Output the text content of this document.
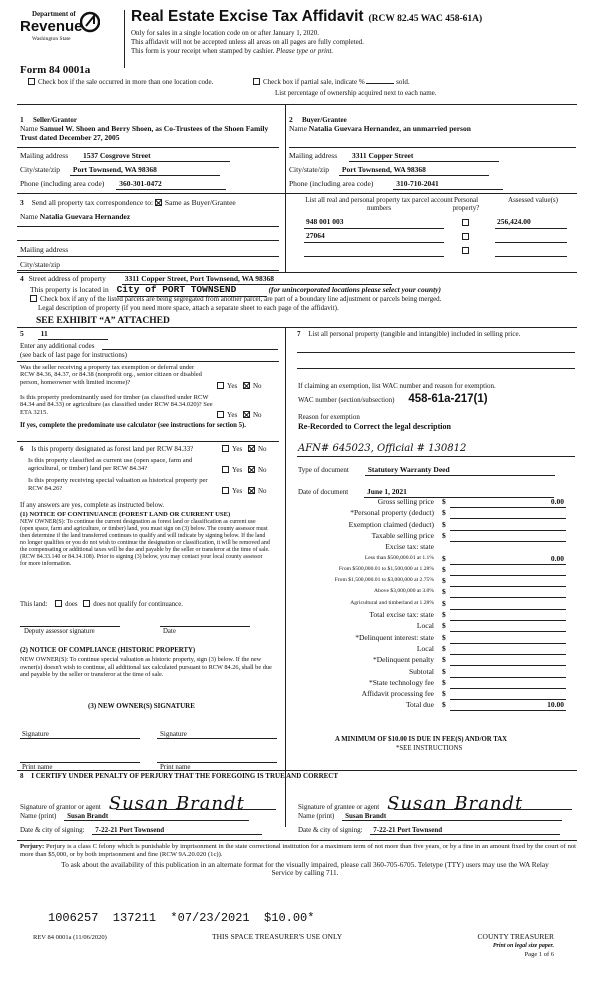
Department of
Revenue
Washington State
Form 84 0001a
Real Estate Excise Tax Affidavit (RCW 82.45 WAC 458-61A)
Only for sales in a single location code on or after January 1, 2020.
This affidavit will not be accepted unless all areas on all pages are fully completed.
This form is your receipt when stamped by cashier. Please type or print.
Check box if the sale occurred in more than one location code.	Check box if partial sale, indicate %	sold.
List percentage of ownership acquired next to each name.
1 Seller/Grantor
Name Samuel W. Shoen and Berry Shoen, as Co-Trustees of the Shoen Family Trust dated December 27, 2005
Mailing address 1537 Cosgrove Street
City/state/zip Port Townsend, WA 98368
Phone (including area code) 360-301-0472
2 Buyer/Grantee
Name Natalia Guevara Hernandez, an unmarried person
Mailing address 3311 Copper Street
City/state/zip Port Townsend, WA 98368
Phone (including area code)	310-710-2041
3 Send all property tax correspondence to: Same as Buyer/Grantee
Name Natalia Guevara Hernandez
Mailing address
City/state/zip
List all real and personal property tax parcel account numbers
Personal property?
Assessed value(s)
948 001 003	256,424.00
27064
4 Street address of property	3311 Copper Street, Port Townsend, WA 98368
This property is located in City of PORT TOWNSEND	(for unincorporated locations please select your county)
Check box if any of the listed parcels are being segregated from another parcel, are part of a boundary line adjustment or parcels being merged.
Legal description of property (if you need more space, attach a separate sheet to each page of the affidavit).
SEE EXHIBIT “A” ATTACHED
5 11
Enter any additional codes
(see back of last page for instructions)
Was the seller receiving a property tax exemption or deferral under RCW 84.36, 84.37, or 84.38 (nonprofit org., senior citizen or disabled person, homeowner with limited income)?	Yes No
Is this property predominantly used for timber (as classified under RCW 84.34 and 84.33) or agriculture (as classified under RCW 84.34.020)? See ETA 3215.	Yes No
If yes, complete the predominate use calculator (see instructions for section 5).
6 Is this property designated as forest land per RCW 84.33?	Yes No
Is this property classified as current use (open space, farm and agricultural, or timber) land per RCW 84.34?	Yes No
Is this property receiving special valuation as historical property per RCW 84.26?	Yes No
If any answers are yes, complete as instructed below.
(1) NOTICE OF CONTINUANCE (FOREST LAND OR CURRENT USE)
NEW OWNER(S): To continue the current designation as forest land or classification as current use (open space, farm and agriculture, or timber) land, you must sign on (3) below. The county assessor must then determine if the land transferred continues to qualify and will indicate by signing below. If the land no longer qualifies or you do not wish to continue the designation or classification, it will be removed and the compensating or additional taxes will be due and payable by the seller or transferor at the time of sale. (RCW 84.33.140 or 84.34.108). Prior to signing (3) below, you may contact your local county assessor for more information.
This land:	does does not qualify for continuance.
Deputy assessor signature	Date
(2) NOTICE OF COMPLIANCE (HISTORIC PROPERTY)
NEW OWNER(S): To continue special valuation as historic property, sign (3) below. If the new owner(s) doesn't wish to continue, all additional tax calculated pursuant to RCW 84.26, shall be due and payable by the seller or transferor at the time of sale.
(3) NEW OWNER(S) SIGNATURE
Signature	Signature
Print name	Print name
7 List all personal property (tangible and intangible) included in selling price.
If claiming an exemption, list WAC number and reason for exemption.
WAC number (section/subsection) 458-61a-217(1)
Reason for exemption
Re-Recorded to Correct the legal description
AFN# 645023, Official # 130812
Type of document	Statutory Warranty Deed
Date of document	June 1, 2021
Gross selling price $	0.00
*Personal property (deduct) $
Exemption claimed (deduct) $
Taxable selling price $
Excise tax: state
Less than $500,000.01 at 1.1% $	0.00
From $500,000.01 to $1,500,000 at 1.28% $
From $1,500,000.01 to $3,000,000 at 2.75% $
Above $3,000,000 at 3.0% $
Agricultural and timberland at 1.28% $
Total excise tax: state $
Local $
*Delinquent interest: state $
Local $
*Delinquent penalty $
Subtotal $
*State technology fee $
Affidavit processing fee $
Total due $	10.00
A MINIMUM OF $10.00 IS DUE IN FEE(S) AND/OR TAX
*SEE INSTRUCTIONS
8 I CERTIFY UNDER PENALTY OF PERJURY THAT THE FOREGOING IS TRUE AND CORRECT
Signature of grantor or agent Susan Brandt	Signature of grantee or agent Susan Brandt
Name (print) Susan Brandt	Name (print) Susan Brandt
Date & city of signing: 7-22-21 Port Townsend	Date & city of signing: 7-22-21 Port Townsend
Perjury: Perjury is a class C felony which is punishable by imprisonment in the state correctional institution for a maximum term of not more than five years, or by a fine in an amount fixed by the court of not more than $5,000, or by both imprisonment and fine (RCW 9A.20.020 (1c)).
To ask about the availability of this publication in an alternate format for the visually impaired, please call 360-705-6705. Teletype (TTY) users may use the WA Relay Service by calling 711.
1006257  137211  *07/23/2021  $10.00*
REV 84 0001a (11/06/2020)	THIS SPACE TREASURER'S USE ONLY	COUNTY TREASURER
Print on legal size paper.
Page 1 of 6
